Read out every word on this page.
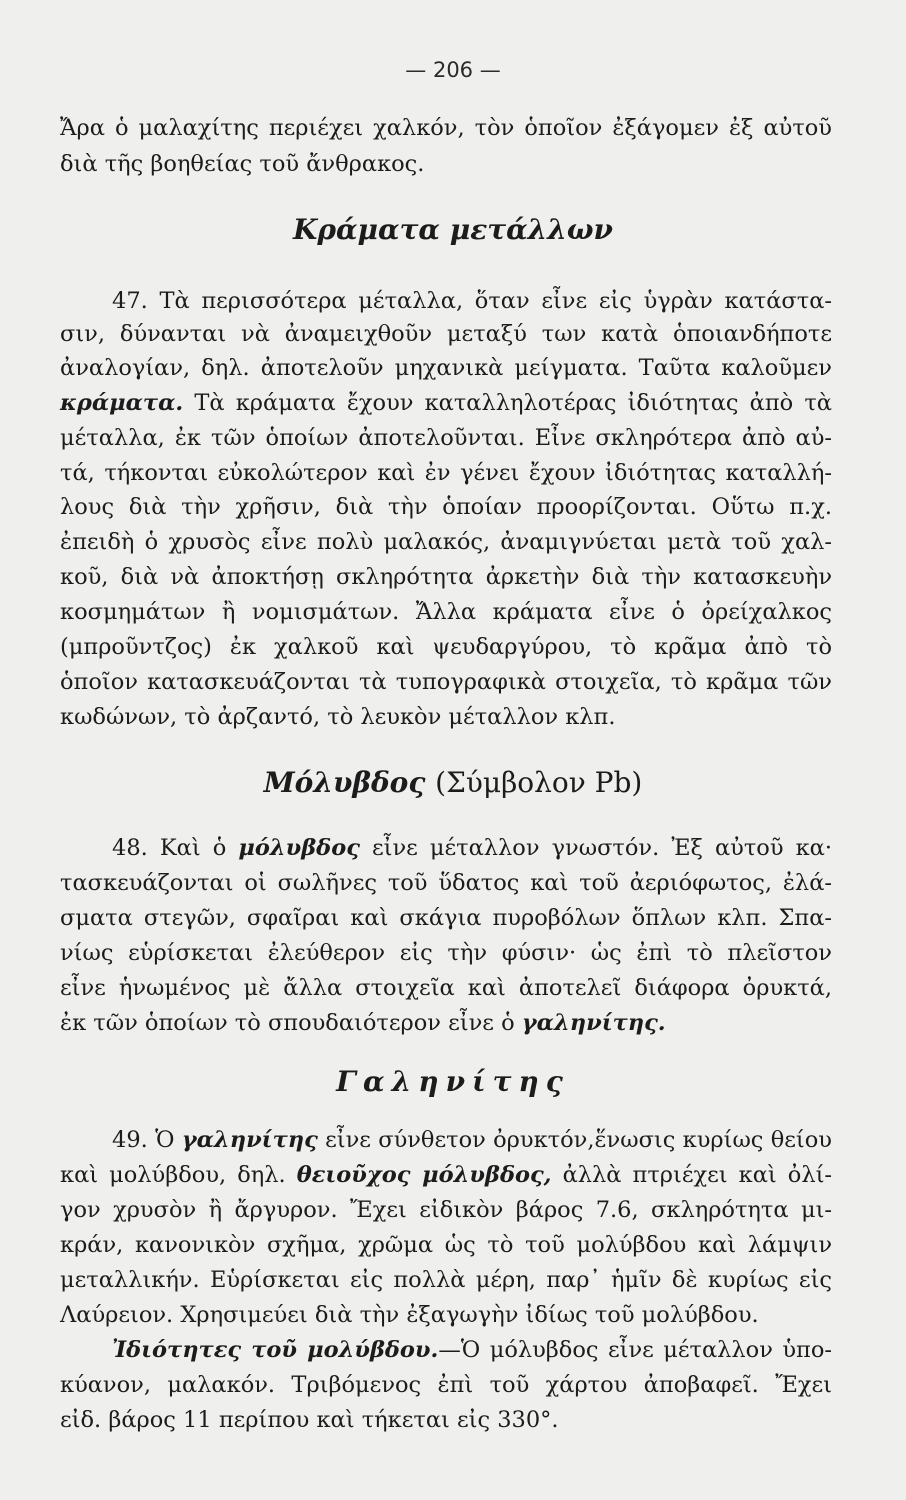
— 206 —
Ἄρα ὁ μαλαχίτης περιέχει χαλκόν, τὸν ὁποῖον ἐξάγομεν ἐξ αὐτοῦ
διὰ τῆς βοηθείας τοῦ ἄνθρακος.
Κράματα μετάλλων
47. Τὰ περισσότερα μέταλλα, ὅταν εἶνε εἰς ὑγρὰν κατάστα-
σιν, δύνανται νὰ ἀναμειχθοῦν μεταξύ των κατὰ ὁποιανδήποτε
ἀναλογίαν, δηλ. ἀποτελοῦν μηχανικὰ μείγματα. Ταῦτα καλοῦμεν
κράματα. Τὰ κράματα ἔχουν καταλληλοτέρας ἰδιότητας ἀπὸ τὰ
μέταλλα, ἐκ τῶν ὁποίων ἀποτελοῦνται. Εἶνε σκληρότερα ἀπὸ αὐ-
τά, τήκονται εὐκολώτερον καὶ ἐν γένει ἔχουν ἰδιότητας καταλλή-
λους διὰ τὴν χρῆσιν, διὰ τὴν ὁποίαν προορίζονται. Οὕτω π.χ.
ἐπειδὴ ὁ χρυσὸς εἶνε πολὺ μαλακός, ἀναμιγνύεται μετὰ τοῦ χαλ-
κοῦ, διὰ νὰ ἀποκτήσῃ σκληρότητα ἀρκετὴν διὰ τὴν κατασκευὴν
κοσμημάτων ἢ νομισμάτων. Ἄλλα κράματα εἶνε ὁ ὀρείχαλκος
(μπροῦντζος) ἐκ χαλκοῦ καὶ ψευδαργύρου, τὸ κρᾶμα ἀπὸ τὸ
ὁποῖον κατασκευάζονται τὰ τυπογραφικὰ στοιχεῖα, τὸ κρᾶμα τῶν
κωδώνων, τὸ ἀρζαντό, τὸ λευκὸν μέταλλον κλπ.
Μόλυβδος (Σύμβολον Pb)
48. Καὶ ὁ μόλυβδος εἶνε μέταλλον γνωστόν. Ἐξ αὐτοῦ κα·
τασκευάζονται οἱ σωλῆνες τοῦ ὕδατος καὶ τοῦ ἀεριόφωτος, ἐλά-
σματα στεγῶν, σφαῖραι καὶ σκάγια πυροβόλων ὅπλων κλπ. Σπα-
νίως εὑρίσκεται ἐλεύθερον εἰς τὴν φύσιν· ὡς ἐπὶ τὸ πλεῖστον
εἶνε ἡνωμένος μὲ ἄλλα στοιχεῖα καὶ ἀποτελεῖ διάφορα ὀρυκτά,
ἐκ τῶν ὁποίων τὸ σπουδαιότερον εἶνε ὁ γαληνίτης.
Γαληνίτης
49. Ὁ γαληνίτης εἶνε σύνθετον ὀρυκτόν,ἕνωσις κυρίως θείου
καὶ μολύβδου, δηλ. θειοῦχος μόλυβδος, ἀλλὰ πτριέχει καὶ ὀλί-
γον χρυσὸν ἢ ἄργυρον. Ἔχει εἰδικὸν βάρος 7.6, σκληρότητα μι-
κράν, κανονικὸν σχῆμα, χρῶμα ὡς τὸ τοῦ μολύβδου καὶ λάμψιν
μεταλλικήν. Εὑρίσκεται εἰς πολλὰ μέρη, παρ᾽ ἡμῖν δὲ κυρίως εἰς
Λαύρειον. Χρησιμεύει διὰ τὴν ἐξαγωγὴν ἰδίως τοῦ μολύβδου.
Ἰδιότητες τοῦ μολύβδου.—Ὁ μόλυβδος εἶνε μέταλλον ὑπο-
κύανον, μαλακόν. Τριβόμενος ἐπὶ τοῦ χάρτου ἀποβαφεῖ. Ἔχει
εἰδ. βάρος 11 περίπου καὶ τήκεται εἰς 330°.
